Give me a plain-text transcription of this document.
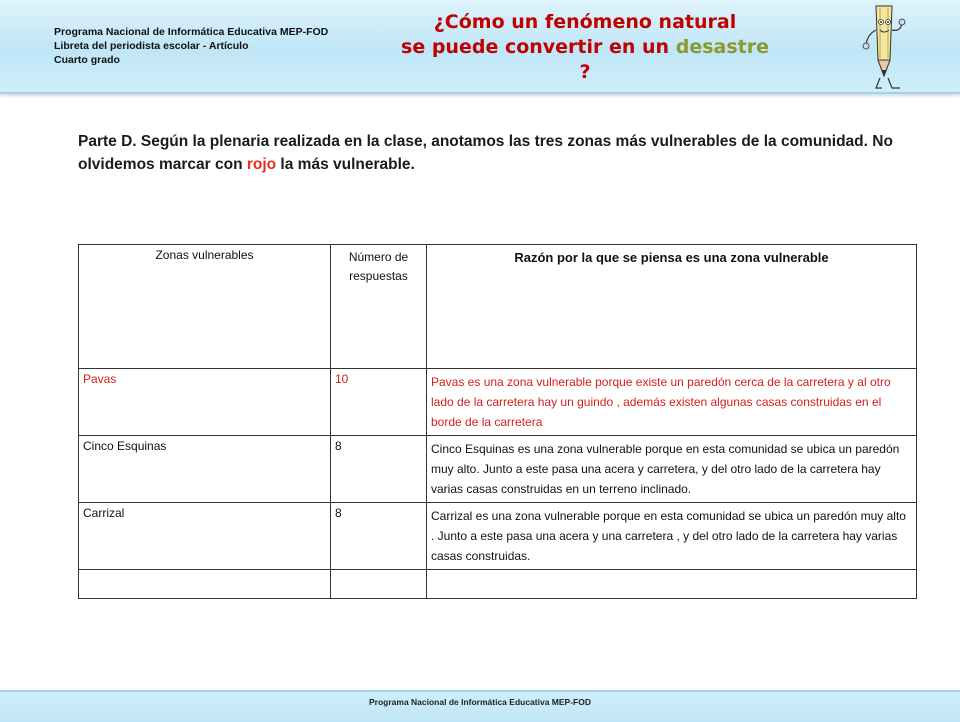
Programa Nacional de Informática Educativa MEP-FOD
Libreta del periodista escolar - Artículo
Cuarto grado
¿Cómo un fenómeno natural
se puede convertir en un desastre ?
Parte D. Según la plenaria realizada en la clase, anotamos las tres zonas más vulnerables de la comunidad. No olvidemos marcar con rojo la más vulnerable.
Zonas vulnerables	Número de respuestas	Razón por la que se piensa es una zona vulnerable
Pavas	10	Pavas es una zona vulnerable porque existe un paredón cerca de la carretera y al otro lado de la carretera hay un guindo , además existen algunas casas construidas en el borde de la carretera
Cinco Esquinas	8	Cinco Esquinas es una zona vulnerable porque en esta comunidad se ubica un paredón muy alto. Junto a este pasa una acera y carretera, y del otro lado de la carretera hay varias casas construidas en un terreno inclinado.
Carrizal	8	Carrizal es una zona vulnerable porque en esta comunidad se ubica un paredón muy alto . Junto a este pasa una acera y una carretera , y del otro lado de la carretera hay varias casas construidas.

Programa Nacional de Informática Educativa MEP-FOD
